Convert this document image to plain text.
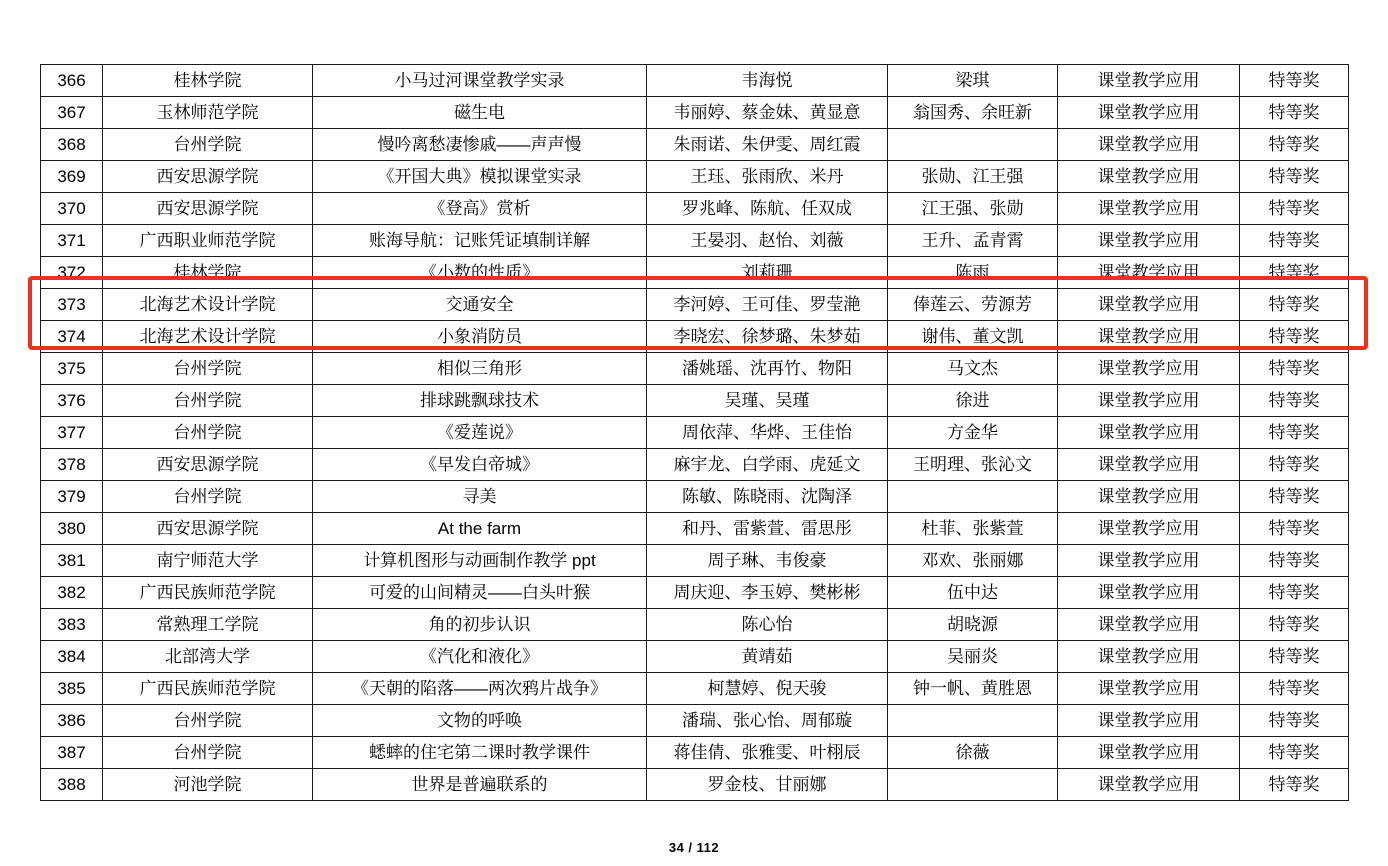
366	桂林学院	小马过河课堂教学实录	韦海悦	梁琪	课堂教学应用	特等奖
367	玉林师范学院	磁生电	韦丽婷、蔡金妹、黄显意	翁国秀、余旺新	课堂教学应用	特等奖
368	台州学院	慢吟离愁凄惨戚——声声慢	朱雨诺、朱伊雯、周红霞		课堂教学应用	特等奖
369	西安思源学院	《开国大典》模拟课堂实录	王珏、张雨欣、米丹	张勋、江王强	课堂教学应用	特等奖
370	西安思源学院	《登高》赏析	罗兆峰、陈航、任双成	江王强、张勋	课堂教学应用	特等奖
371	广西职业师范学院	账海导航：记账凭证填制详解	王晏羽、赵怡、刘薇	王升、孟青霄	课堂教学应用	特等奖
372	桂林学院	《小数的性质》	刘莉珊	陈雨	课堂教学应用	特等奖
373	北海艺术设计学院	交通安全	李河婷、王可佳、罗莹滟	俸莲云、劳源芳	课堂教学应用	特等奖
374	北海艺术设计学院	小象消防员	李晓宏、徐梦璐、朱梦茹	谢伟、董文凯	课堂教学应用	特等奖
375	台州学院	相似三角形	潘姚瑶、沈再竹、物阳	马文杰	课堂教学应用	特等奖
376	台州学院	排球跳飘球技术	吴瑾、吴瑾	徐进	课堂教学应用	特等奖
377	台州学院	《爱莲说》	周依萍、华烨、王佳怡	方金华	课堂教学应用	特等奖
378	西安思源学院	《早发白帝城》	麻宇龙、白学雨、虎延文	王明理、张沁文	课堂教学应用	特等奖
379	台州学院	寻美	陈敏、陈晓雨、沈陶泽		课堂教学应用	特等奖
380	西安思源学院	At the farm	和丹、雷紫萱、雷思彤	杜菲、张紫萱	课堂教学应用	特等奖
381	南宁师范大学	计算机图形与动画制作教学 ppt	周子琳、韦俊豪	邓欢、张丽娜	课堂教学应用	特等奖
382	广西民族师范学院	可爱的山间精灵——白头叶猴	周庆迎、李玉婷、樊彬彬	伍中达	课堂教学应用	特等奖
383	常熟理工学院	角的初步认识	陈心怡	胡晓源	课堂教学应用	特等奖
384	北部湾大学	《汽化和液化》	黄靖茹	吴丽炎	课堂教学应用	特等奖
385	广西民族师范学院	《天朝的陷落——两次鸦片战争》	柯慧婷、倪天骏	钟一帆、黄胜恩	课堂教学应用	特等奖
386	台州学院	文物的呼唤	潘瑞、张心怡、周郁璇		课堂教学应用	特等奖
387	台州学院	蟋蟀的住宅第二课时教学课件	蒋佳倩、张雅雯、叶栩辰	徐薇	课堂教学应用	特等奖
388	河池学院	世界是普遍联系的	罗金枝、甘丽娜		课堂教学应用	特等奖
34 / 112
